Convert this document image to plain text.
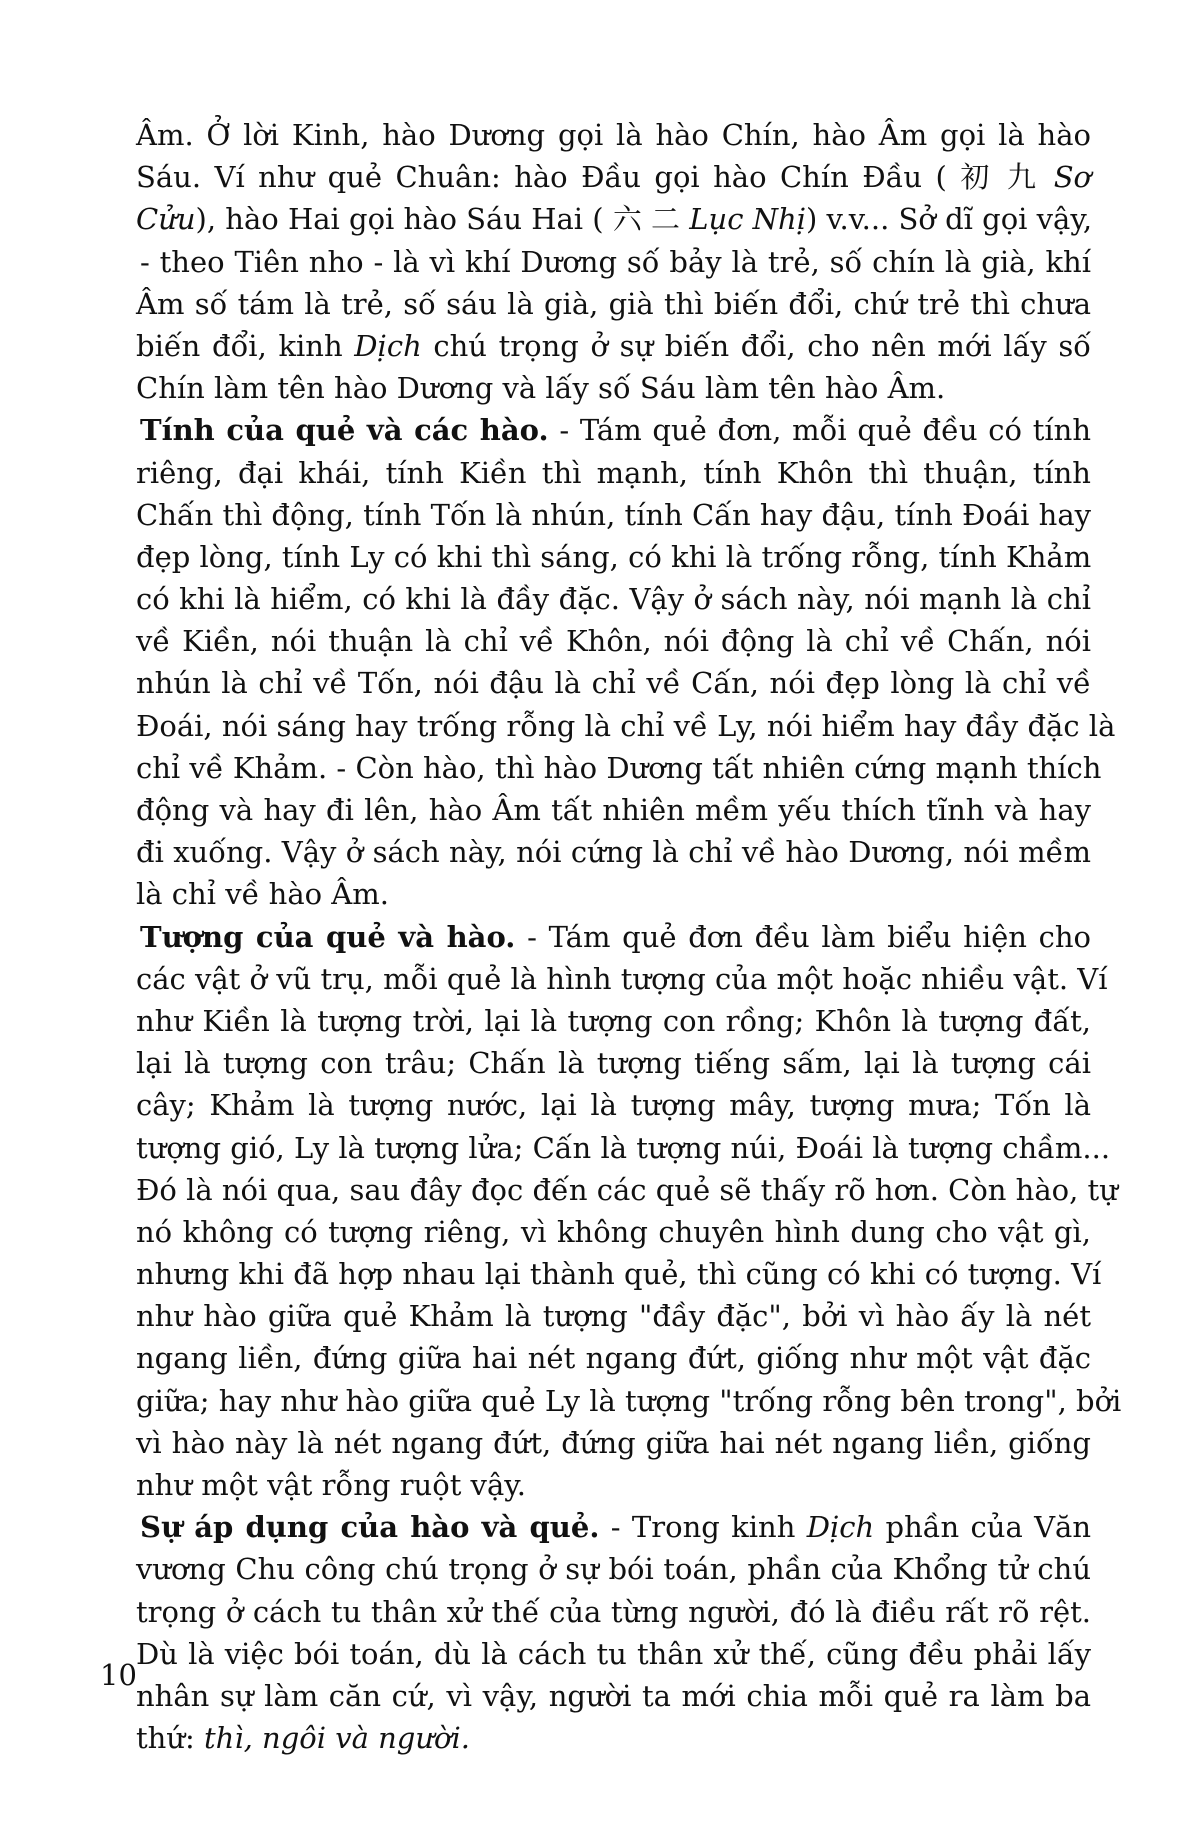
Âm. Ở lời Kinh, hào Dương gọi là hào Chín, hào Âm gọi là hào
Sáu. Ví như quẻ Chuân: hào Đầu gọi hào Chín Đầu ( 初 九 Sơ
Cửu), hào Hai gọi hào Sáu Hai ( 六 二 Lục Nhị) v.v... Sở dĩ gọi vậy,
- theo Tiên nho - là vì khí Dương số bảy là trẻ, số chín là già, khí
Âm số tám là trẻ, số sáu là già, già thì biến đổi, chứ trẻ thì chưa
biến đổi, kinh Dịch chú trọng ở sự biến đổi, cho nên mới lấy số
Chín làm tên hào Dương và lấy số Sáu làm tên hào Âm.
Tính của quẻ và các hào. - Tám quẻ đơn, mỗi quẻ đều có tính
riêng, đại khái, tính Kiền thì mạnh, tính Khôn thì thuận, tính
Chấn thì động, tính Tốn là nhún, tính Cấn hay đậu, tính Đoái hay
đẹp lòng, tính Ly có khi thì sáng, có khi là trống rỗng, tính Khảm
có khi là hiểm, có khi là đầy đặc. Vậy ở sách này, nói mạnh là chỉ
về Kiền, nói thuận là chỉ về Khôn, nói động là chỉ về Chấn, nói
nhún là chỉ về Tốn, nói đậu là chỉ về Cấn, nói đẹp lòng là chỉ về
Đoái, nói sáng hay trống rỗng là chỉ về Ly, nói hiểm hay đầy đặc là
chỉ về Khảm. - Còn hào, thì hào Dương tất nhiên cứng mạnh thích
động và hay đi lên, hào Âm tất nhiên mềm yếu thích tĩnh và hay
đi xuống. Vậy ở sách này, nói cứng là chỉ về hào Dương, nói mềm
là chỉ về hào Âm.
Tượng của quẻ và hào. - Tám quẻ đơn đều làm biểu hiện cho
các vật ở vũ trụ, mỗi quẻ là hình tượng của một hoặc nhiều vật. Ví
như Kiền là tượng trời, lại là tượng con rồng; Khôn là tượng đất,
lại là tượng con trâu; Chấn là tượng tiếng sấm, lại là tượng cái
cây; Khảm là tượng nước, lại là tượng mây, tượng mưa; Tốn là
tượng gió, Ly là tượng lửa; Cấn là tượng núi, Đoái là tượng chầm...
Đó là nói qua, sau đây đọc đến các quẻ sẽ thấy rõ hơn. Còn hào, tự
nó không có tượng riêng, vì không chuyên hình dung cho vật gì,
nhưng khi đã hợp nhau lại thành quẻ, thì cũng có khi có tượng. Ví
như hào giữa quẻ Khảm là tượng "đầy đặc", bởi vì hào ấy là nét
ngang liền, đứng giữa hai nét ngang đứt, giống như một vật đặc
giữa; hay như hào giữa quẻ Ly là tượng "trống rỗng bên trong", bởi
vì hào này là nét ngang đứt, đứng giữa hai nét ngang liền, giống
như một vật rỗng ruột vậy.
Sự áp dụng của hào và quẻ. - Trong kinh Dịch phần của Văn
vương Chu công chú trọng ở sự bói toán, phần của Khổng tử chú
trọng ở cách tu thân xử thế của từng người, đó là điều rất rõ rệt.
Dù là việc bói toán, dù là cách tu thân xử thế, cũng đều phải lấy
nhân sự làm căn cứ, vì vậy, người ta mới chia mỗi quẻ ra làm ba
thứ: thì, ngôi và người.
10
